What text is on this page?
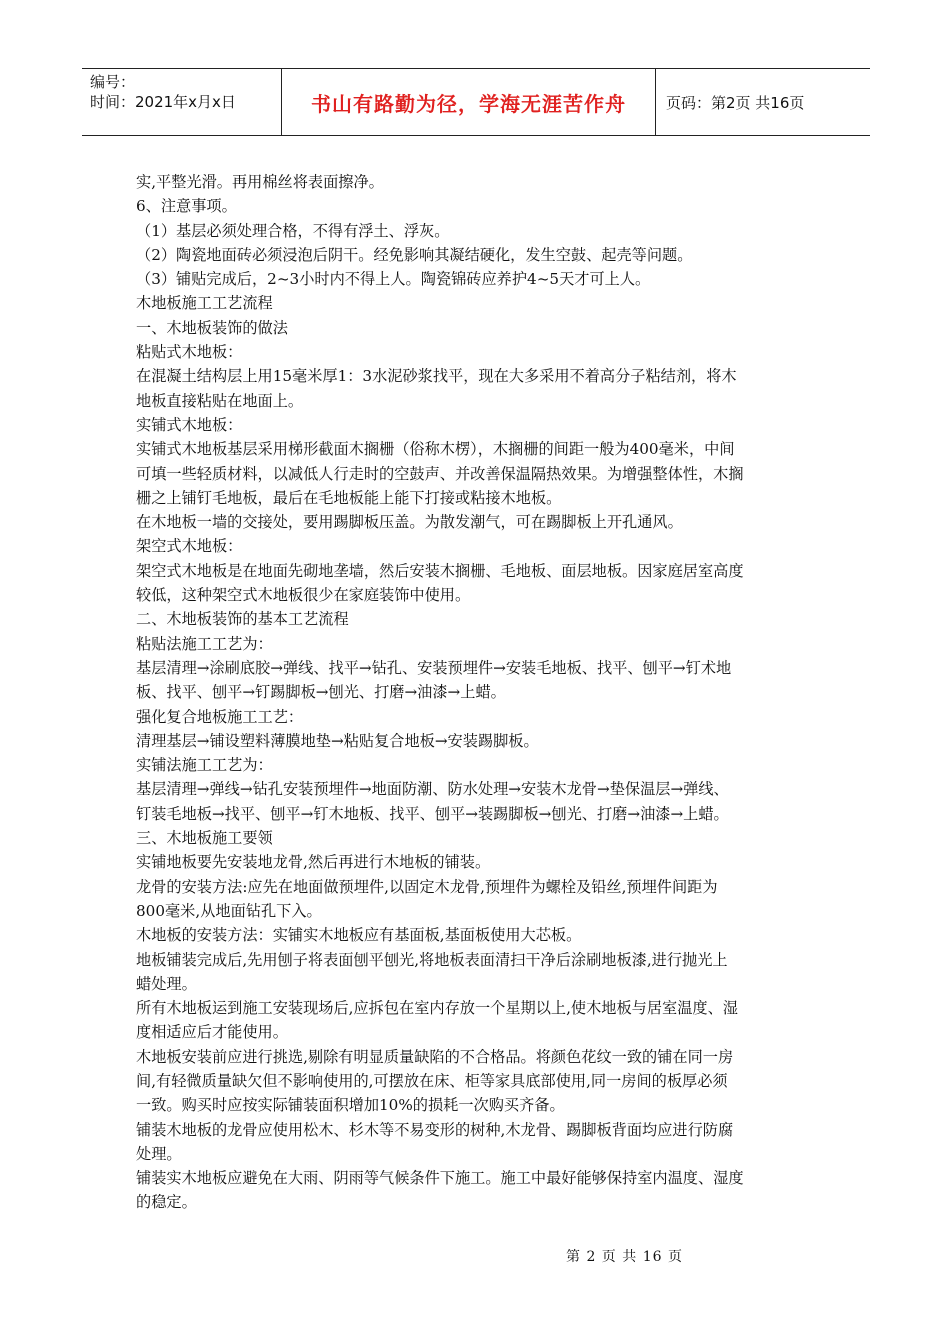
编号：
时间：2021年x月x日	书山有路勤为径，学海无涯苦作舟	页码：第2页 共16页

实,平整光滑。再用棉丝将表面擦净。

6、注意事项。

（1）基层必须处理合格，不得有浮土、浮灰。

（2）陶瓷地面砖必须浸泡后阴干。经免影响其凝结硬化，发生空鼓、起壳等问题。

（3）铺贴完成后，2~3小时内不得上人。陶瓷锦砖应养护4~5天才可上人。

木地板施工工艺流程

一、木地板装饰的做法

粘贴式木地板：

在混凝土结构层上用15毫米厚1：3水泥砂浆找平，现在大多采用不着高分子粘结剂，将木

地板直接粘贴在地面上。

实铺式木地板：

实铺式木地板基层采用梯形截面木搁栅（俗称木楞），木搁栅的间距一般为400毫米，中间

可填一些轻质材料，以减低人行走时的空鼓声、并改善保温隔热效果。为增强整体性，木搁

栅之上铺钉毛地板，最后在毛地板能上能下打接或粘接木地板。

在木地板一墙的交接处，要用踢脚板压盖。为散发潮气，可在踢脚板上开孔通风。

架空式木地板：

架空式木地板是在地面先砌地垄墙，然后安装木搁栅、毛地板、面层地板。因家庭居室高度

较低，这种架空式木地板很少在家庭装饰中使用。

二、木地板装饰的基本工艺流程

粘贴法施工工艺为：

基层清理→涂刷底胶→弹线、找平→钻孔、安装预埋件→安装毛地板、找平、刨平→钉术地

板、找平、刨平→钉踢脚板→刨光、打磨→油漆→上蜡。

强化复合地板施工工艺：

清理基层→铺设塑料薄膜地垫→粘贴复合地板→安装踢脚板。

实铺法施工工艺为：

基层清理→弹线→钻孔安装预埋件→地面防潮、防水处理→安装木龙骨→垫保温层→弹线、

钉装毛地板→找平、刨平→钉木地板、找平、刨平→装踢脚板→刨光、打磨→油漆→上蜡。

三、木地板施工要领

实铺地板要先安装地龙骨,然后再进行木地板的铺装。

龙骨的安装方法:应先在地面做预埋件,以固定木龙骨,预埋件为螺栓及铅丝,预埋件间距为

800毫米,从地面钻孔下入。

木地板的安装方法：实铺实木地板应有基面板,基面板使用大芯板。

地板铺装完成后,先用刨子将表面刨平刨光,将地板表面清扫干净后涂刷地板漆,进行抛光上

蜡处理。

所有木地板运到施工安装现场后,应拆包在室内存放一个星期以上,使木地板与居室温度、湿

度相适应后才能使用。

木地板安装前应进行挑选,剔除有明显质量缺陷的不合格品。将颜色花纹一致的铺在同一房

间,有轻微质量缺欠但不影响使用的,可摆放在床、柜等家具底部使用,同一房间的板厚必须

一致。购买时应按实际铺装面积增加10%的损耗一次购买齐备。

铺装木地板的龙骨应使用松木、杉木等不易变形的树种,木龙骨、踢脚板背面均应进行防腐

处理。

铺装实木地板应避免在大雨、阴雨等气候条件下施工。施工中最好能够保持室内温度、湿度

的稳定。

第 2 页 共 16 页
